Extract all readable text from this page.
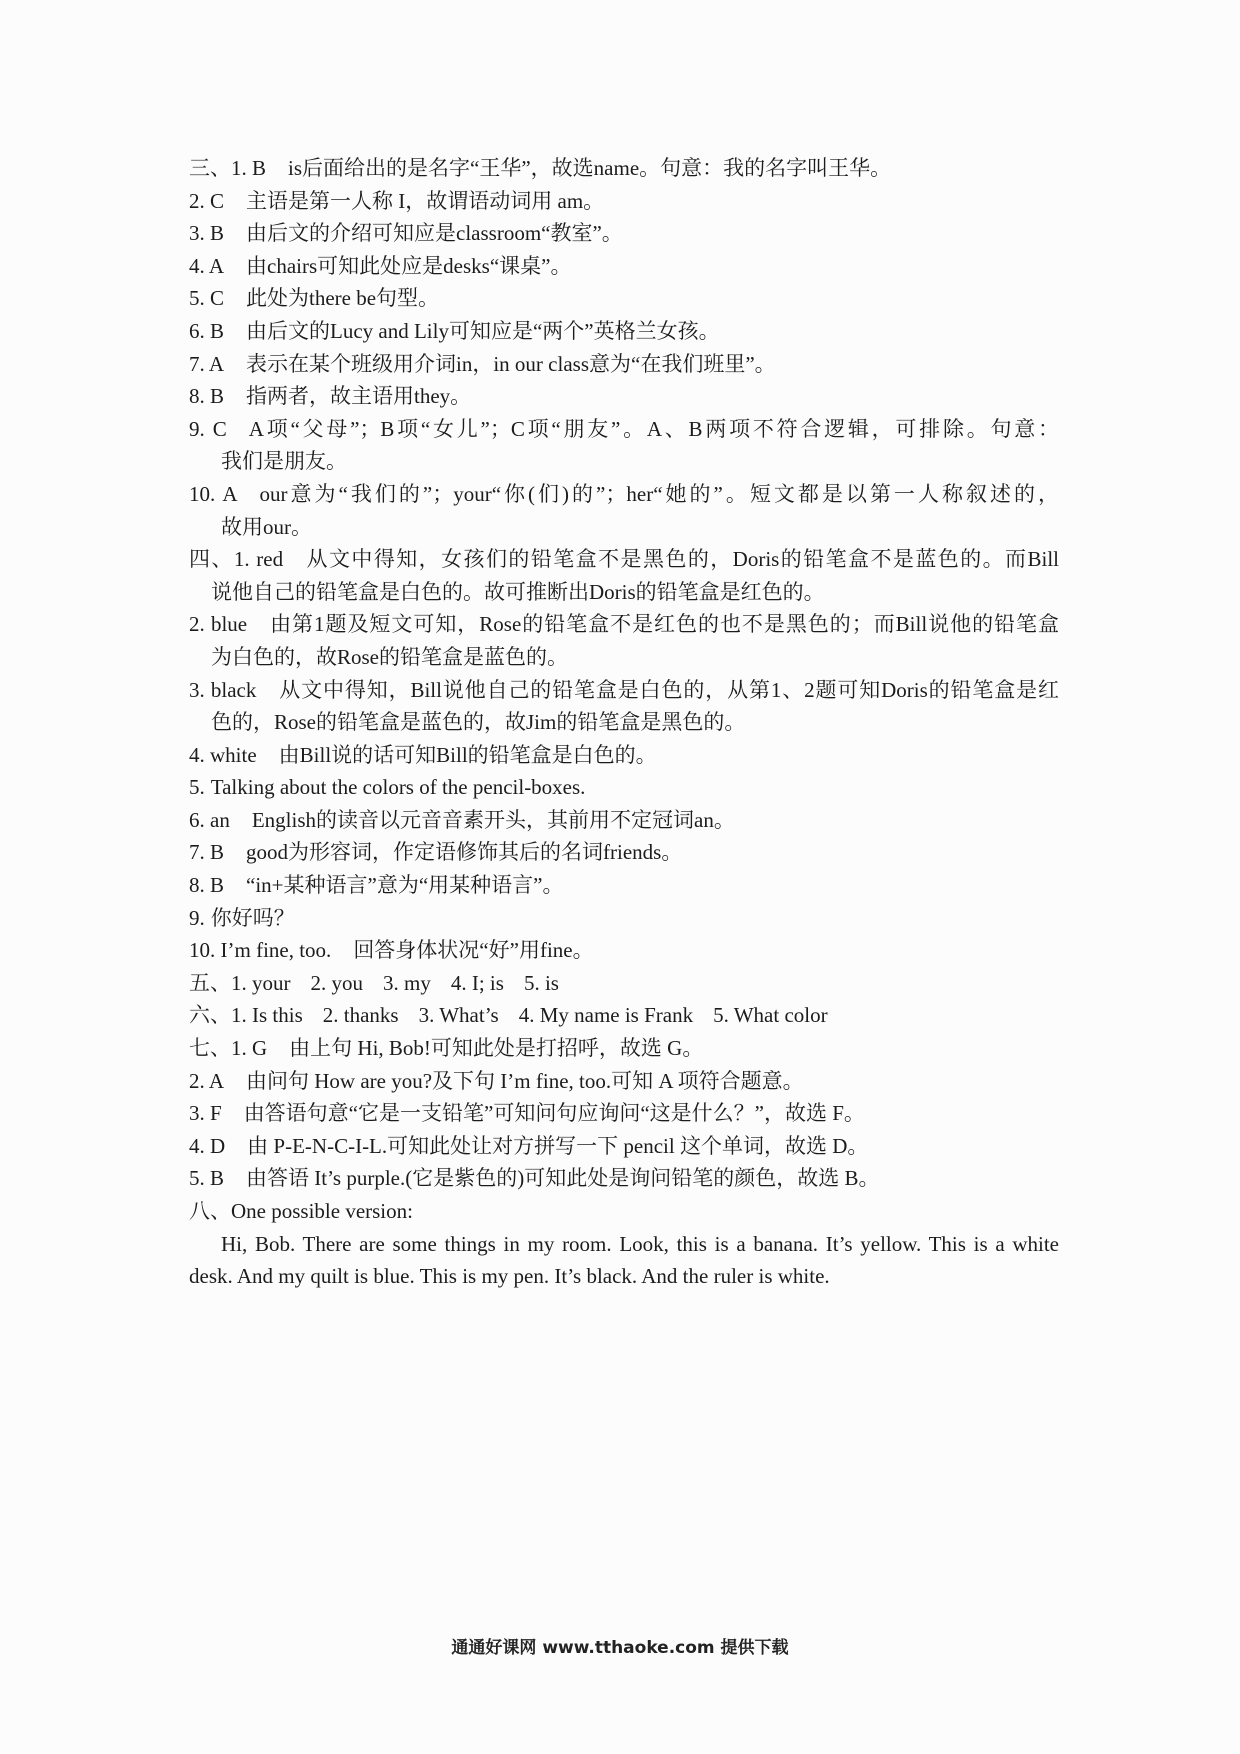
三、1. B is后面给出的是名字“王华”，故选name。句意：我的名字叫王华。
2. C 主语是第一人称 I，故谓语动词用 am。
3. B 由后文的介绍可知应是classroom“教室”。
4. A 由chairs可知此处应是desks“课桌”。
5. C 此处为there be句型。
6. B 由后文的Lucy and Lily可知应是“两个”英格兰女孩。
7. A 表示在某个班级用介词in，in our class意为“在我们班里”。
8. B 指两者，故主语用they。
9. C A项“父母”；B项“女儿”；C项“朋友”。A、B两项不符合逻辑，可排除。句意：
我们是朋友。
10. A our意为“我们的”；your“你(们)的”；her“她的”。短文都是以第一人称叙述的，
故用our。
四、1. red 从文中得知，女孩们的铅笔盒不是黑色的，Doris的铅笔盒不是蓝色的。而Bill
说他自己的铅笔盒是白色的。故可推断出Doris的铅笔盒是红色的。
2. blue 由第1题及短文可知，Rose的铅笔盒不是红色的也不是黑色的；而Bill说他的铅笔盒
为白色的，故Rose的铅笔盒是蓝色的。
3. black 从文中得知，Bill说他自己的铅笔盒是白色的，从第1、2题可知Doris的铅笔盒是红
色的，Rose的铅笔盒是蓝色的，故Jim的铅笔盒是黑色的。
4. white 由Bill说的话可知Bill的铅笔盒是白色的。
5. Talking about the colors of the pencil-boxes.
6. an English的读音以元音音素开头，其前用不定冠词an。
7. B good为形容词，作定语修饰其后的名词friends。
8. B “in+某种语言”意为“用某种语言”。
9. 你好吗？
10. I’m fine, too. 回答身体状况“好”用fine。
五、1. your 2. you 3. my 4. I; is 5. is
六、1. Is this 2. thanks 3. What’s 4. My name is Frank 5. What color
七、1. G 由上句 Hi, Bob!可知此处是打招呼，故选 G。
2. A 由问句 How are you?及下句 I’m fine, too.可知 A 项符合题意。
3. F 由答语句意“它是一支铅笔”可知问句应询问“这是什么？”，故选 F。
4. D 由 P-E-N-C-I-L.可知此处让对方拼写一下 pencil 这个单词，故选 D。
5. B 由答语 It’s purple.(它是紫色的)可知此处是询问铅笔的颜色，故选 B。
八、One possible version:
Hi, Bob. There are some things in my room. Look, this is a banana. It’s yellow. This is a white
desk. And my quilt is blue. This is my pen. It’s black. And the ruler is white.
通通好课网 www.tthaoke.com 提供下载
